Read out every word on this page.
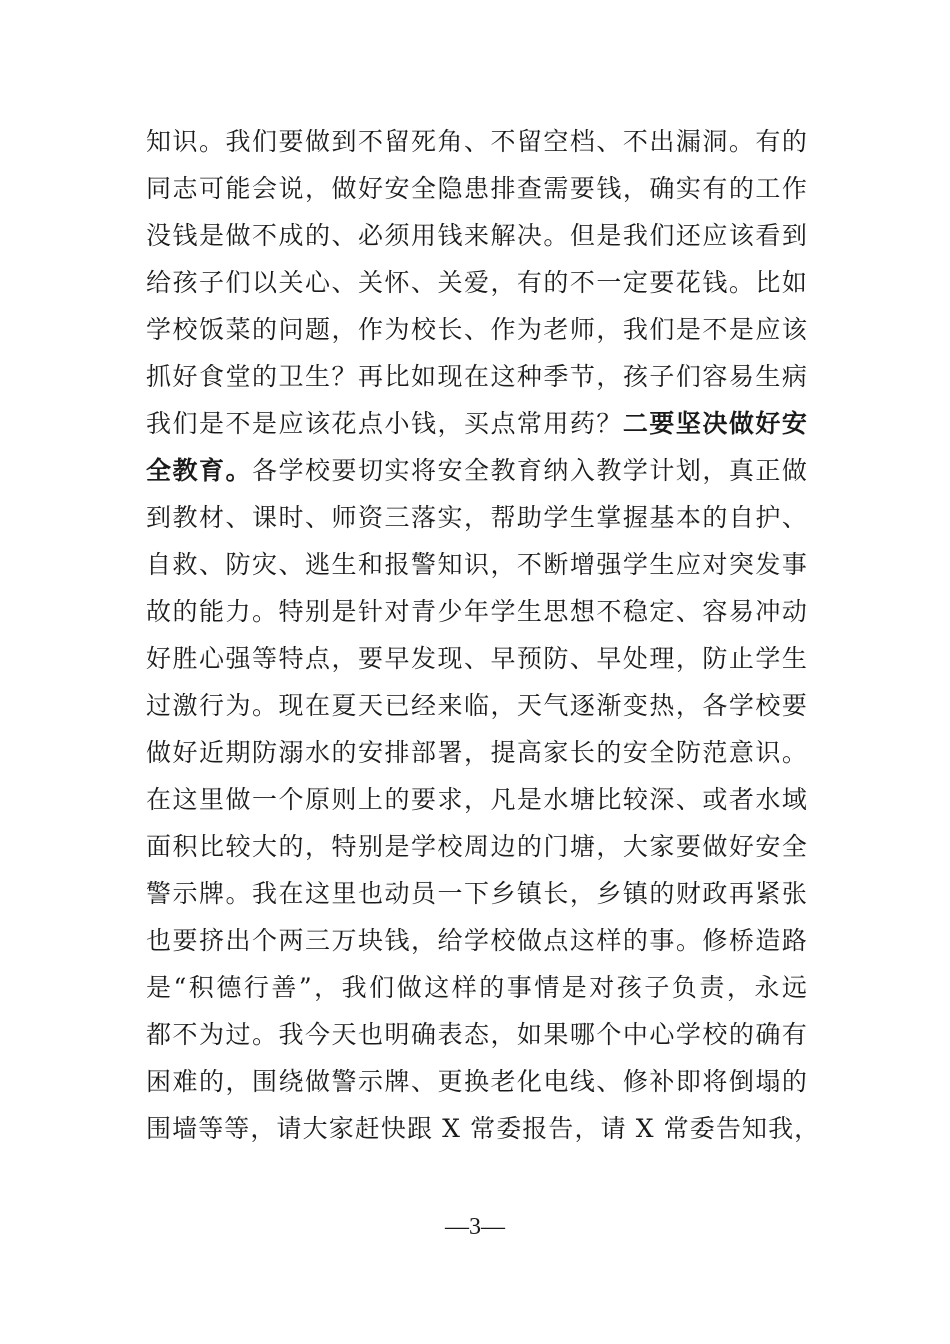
知识。我们要做到不留死角、不留空档、不出漏洞。有的
同志可能会说，做好安全隐患排查需要钱，确实有的工作
没钱是做不成的、必须用钱来解决。但是我们还应该看到
给孩子们以关心、关怀、关爱，有的不一定要花钱。比如
学校饭菜的问题，作为校长、作为老师，我们是不是应该
抓好食堂的卫生？再比如现在这种季节，孩子们容易生病
我们是不是应该花点小钱，买点常用药？二要坚决做好安
全教育。各学校要切实将安全教育纳入教学计划，真正做
到教材、课时、师资三落实，帮助学生掌握基本的自护、
自救、防灾、逃生和报警知识，不断增强学生应对突发事
故的能力。特别是针对青少年学生思想不稳定、容易冲动
好胜心强等特点，要早发现、早预防、早处理，防止学生
过激行为。现在夏天已经来临，天气逐渐变热，各学校要
做好近期防溺水的安排部署，提高家长的安全防范意识。
在这里做一个原则上的要求，凡是水塘比较深、或者水域
面积比较大的，特别是学校周边的门塘，大家要做好安全
警示牌。我在这里也动员一下乡镇长，乡镇的财政再紧张
也要挤出个两三万块钱，给学校做点这样的事。修桥造路
是“积德行善”，我们做这样的事情是对孩子负责，永远
都不为过。我今天也明确表态，如果哪个中心学校的确有
困难的，围绕做警示牌、更换老化电线、修补即将倒塌的
围墙等等，请大家赶快跟 X 常委报告，请 X 常委告知我，
—3—
